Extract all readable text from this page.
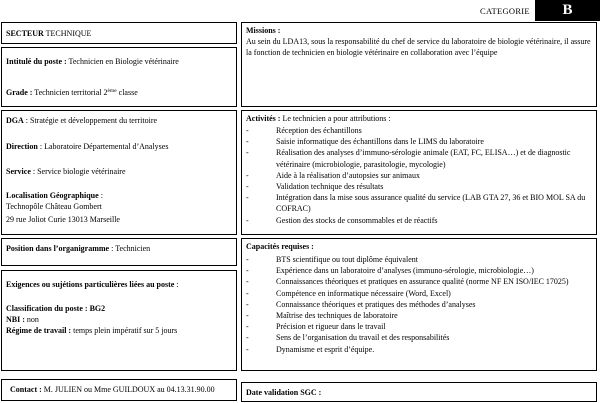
CATEGORIE	B
SECTEUR TECHNIQUE
Intitulé du poste : Technicien en Biologie vétérinaire
Grade : Technicien territorial 2ème classe
DGA : Stratégie et développement du territoire
Direction : Laboratoire Départemental d’Analyses
Service : Service biologie vétérinaire
Localisation Géographique :
Technopôle Château Gombert
29 rue Joliot Curie 13013 Marseille
Position dans l’organigramme : Technicien
Exigences ou sujétions particulières liées au poste :
Classification du poste : BG2
NBI : non
Régime de travail : temps plein impératif sur 5 jours
Contact : M. JULIEN ou Mme GUILDOUX au 04.13.31.90.00
Missions :
Au sein du LDA13, sous la responsabilité du chef de service du laboratoire de biologie vétérinaire, il assure la fonction de technicien en biologie vétérinaire en collaboration avec l’équipe
Activités : Le technicien a pour attributions :
- Réception des échantillons
- Saisie informatique des échantillons dans le LIMS du laboratoire
- Réalisation des analyses d’immuno-sérologie animale (EAT, FC, ELISA…) et de diagnostic vétérinaire (microbiologie, parasitologie, mycologie)
- Aide à la réalisation d’autopsies sur animaux
- Validation technique des résultats
- Intégration dans la mise sous assurance qualité du service (LAB GTA 27, 36 et BIO MOL SA du COFRAC)
- Gestion des stocks de consommables et de réactifs
Capacités requises :
- BTS scientifique ou tout diplôme équivalent
- Expérience dans un laboratoire d’analyses (immuno-sérologie, microbiologie…)
- Connaissances théoriques et pratiques en assurance qualité (norme NF EN ISO/IEC 17025)
- Compétence en informatique nécessaire (Word, Excel)
- Connaissance théoriques et pratiques des méthodes d’analyses
- Maîtrise des techniques de laboratoire
- Précision et rigueur dans le travail
- Sens de l’organisation du travail et des responsabilités
- Dynamisme et esprit d’équipe.
Date validation SGC :
